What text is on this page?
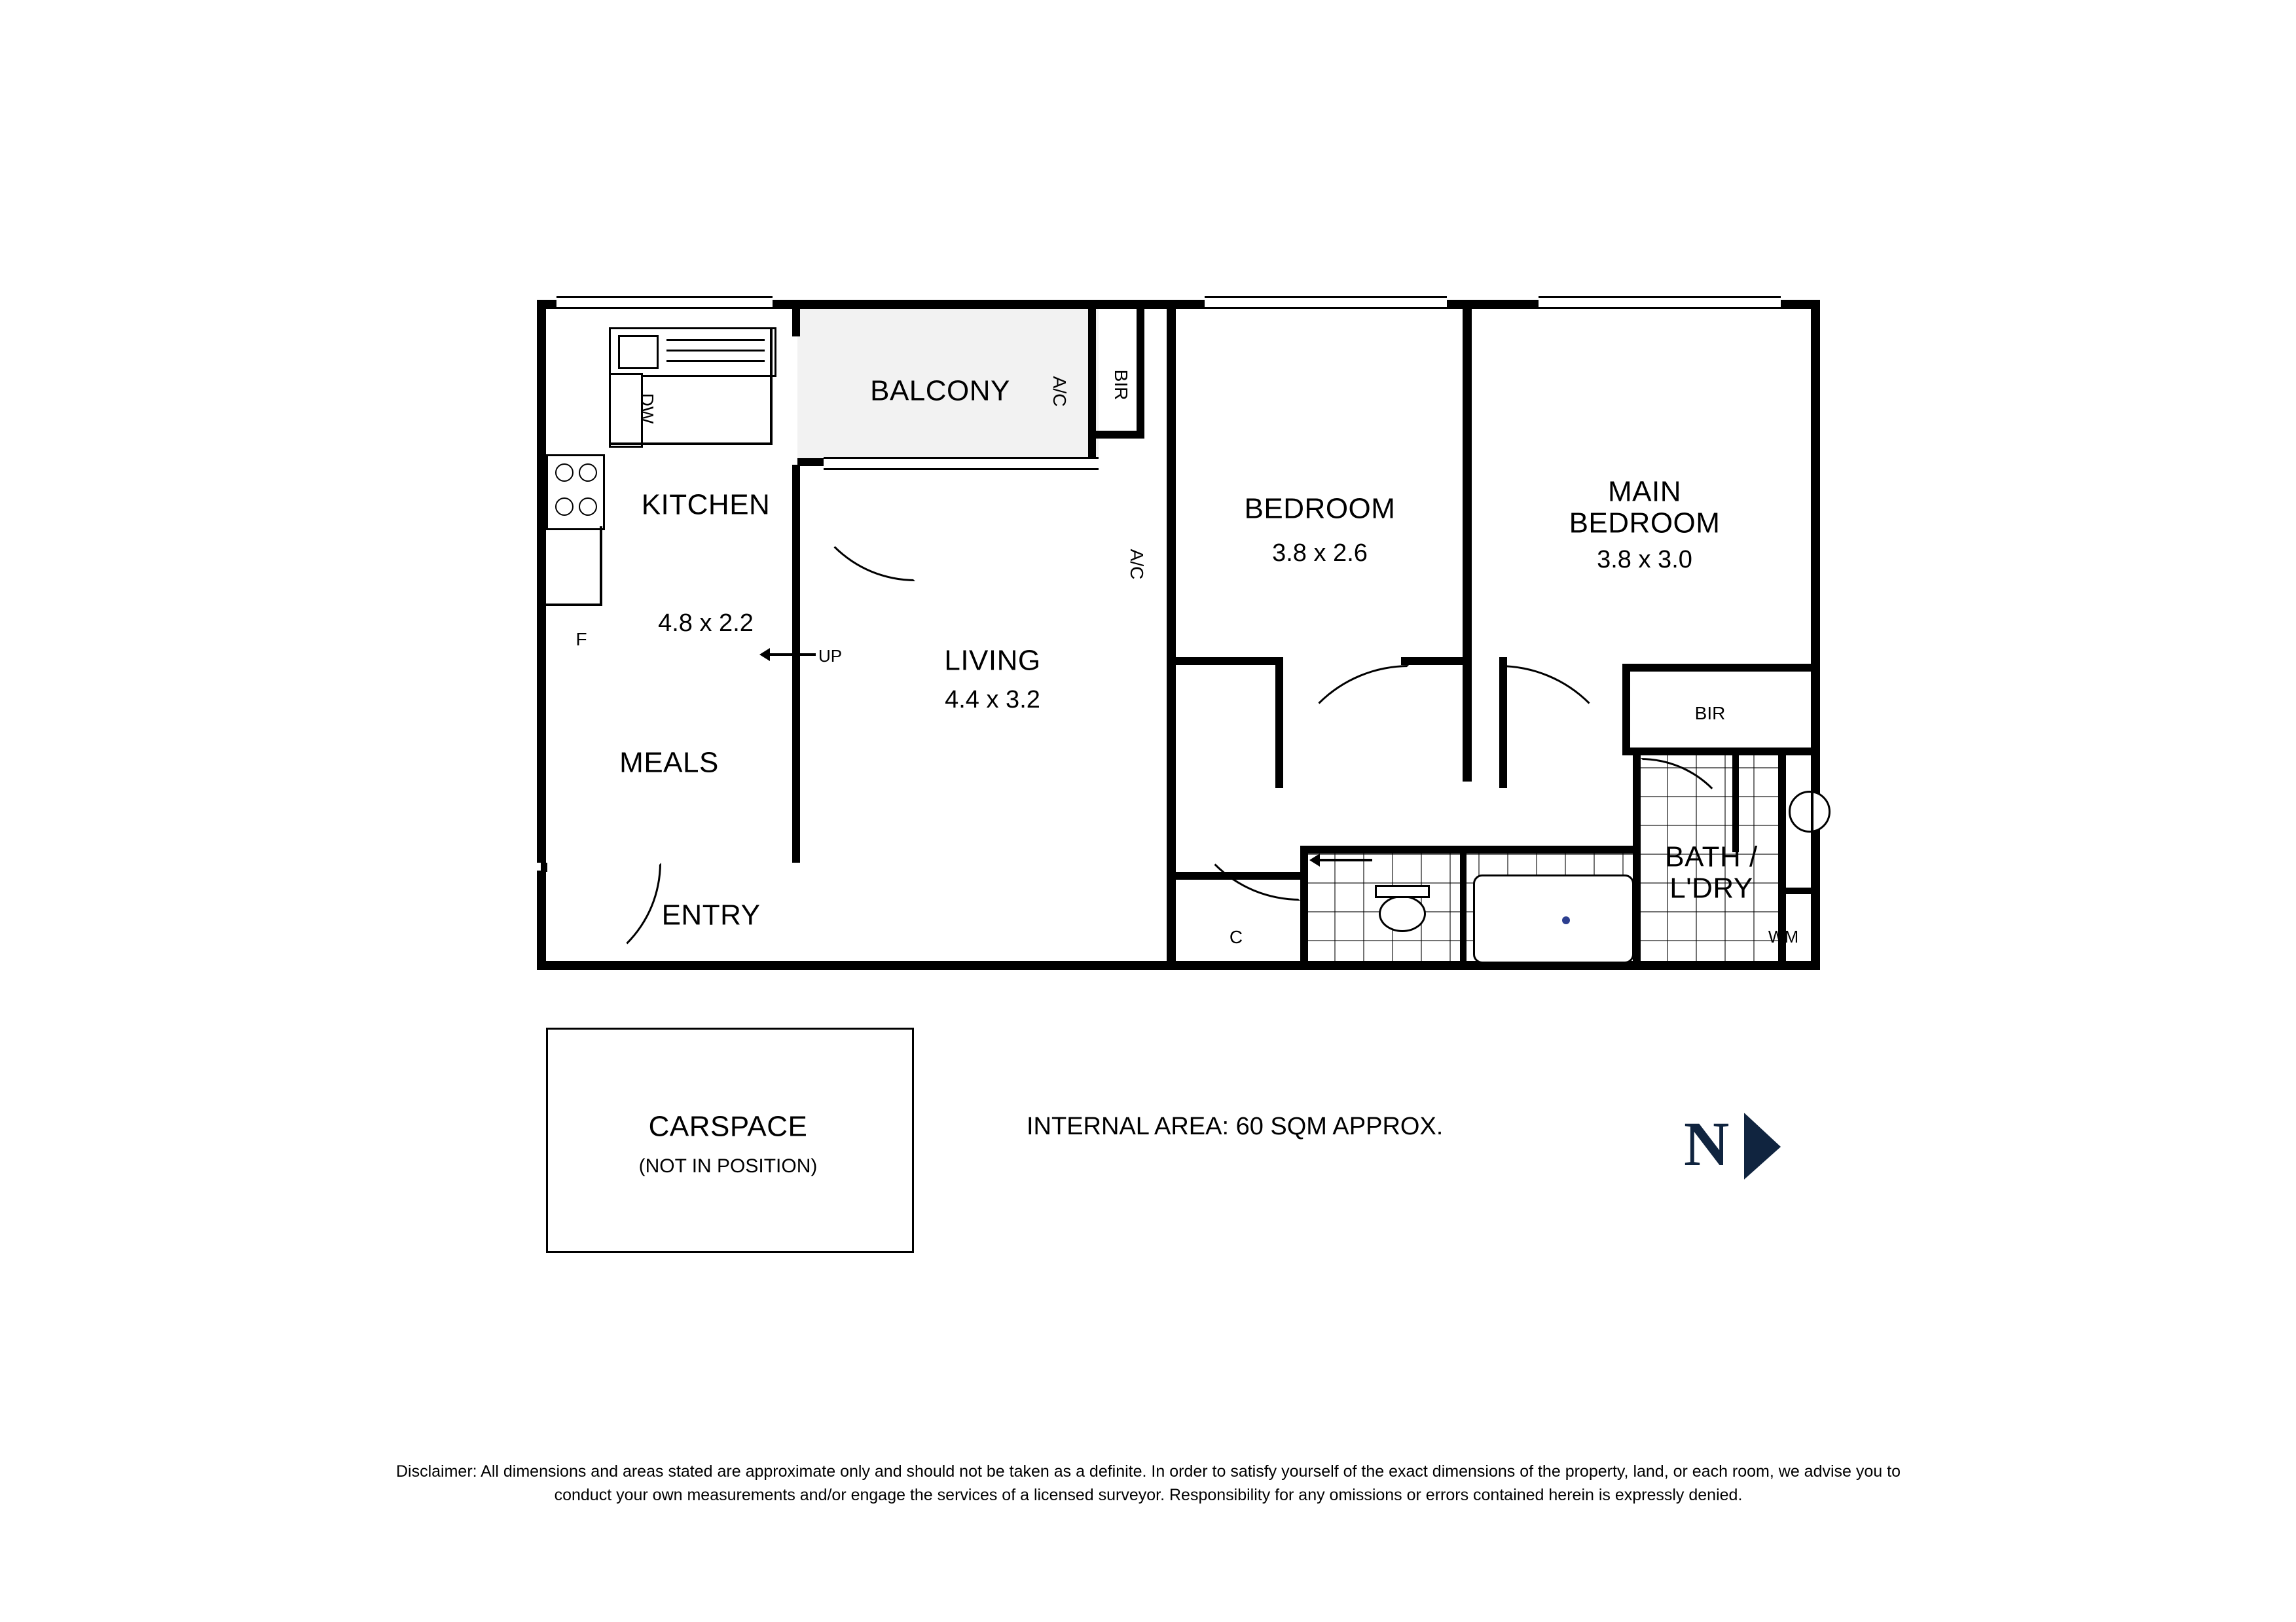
BALCONY A/C BIR
A/C
KITCHEN
4.8 x 2.2
DW
F
UP
MEALS
ENTRY
LIVING
4.4 x 3.2
BEDROOM
3.8 x 2.6
MAIN
BEDROOM
3.8 x 3.0
BIR
BATH /
L'DRY
C	WM
CARSPACE
(NOT IN POSITION)
INTERNAL AREA: 60 SQM APPROX.	N
Disclaimer: All dimensions and areas stated are approximate only and should not be taken as a definite. In order to satisfy yourself of the exact dimensions of the property, land, or each room, we advise you to conduct your own measurements and/or engage the services of a licensed surveyor. Responsibility for any omissions or errors contained herein is expressly denied.
